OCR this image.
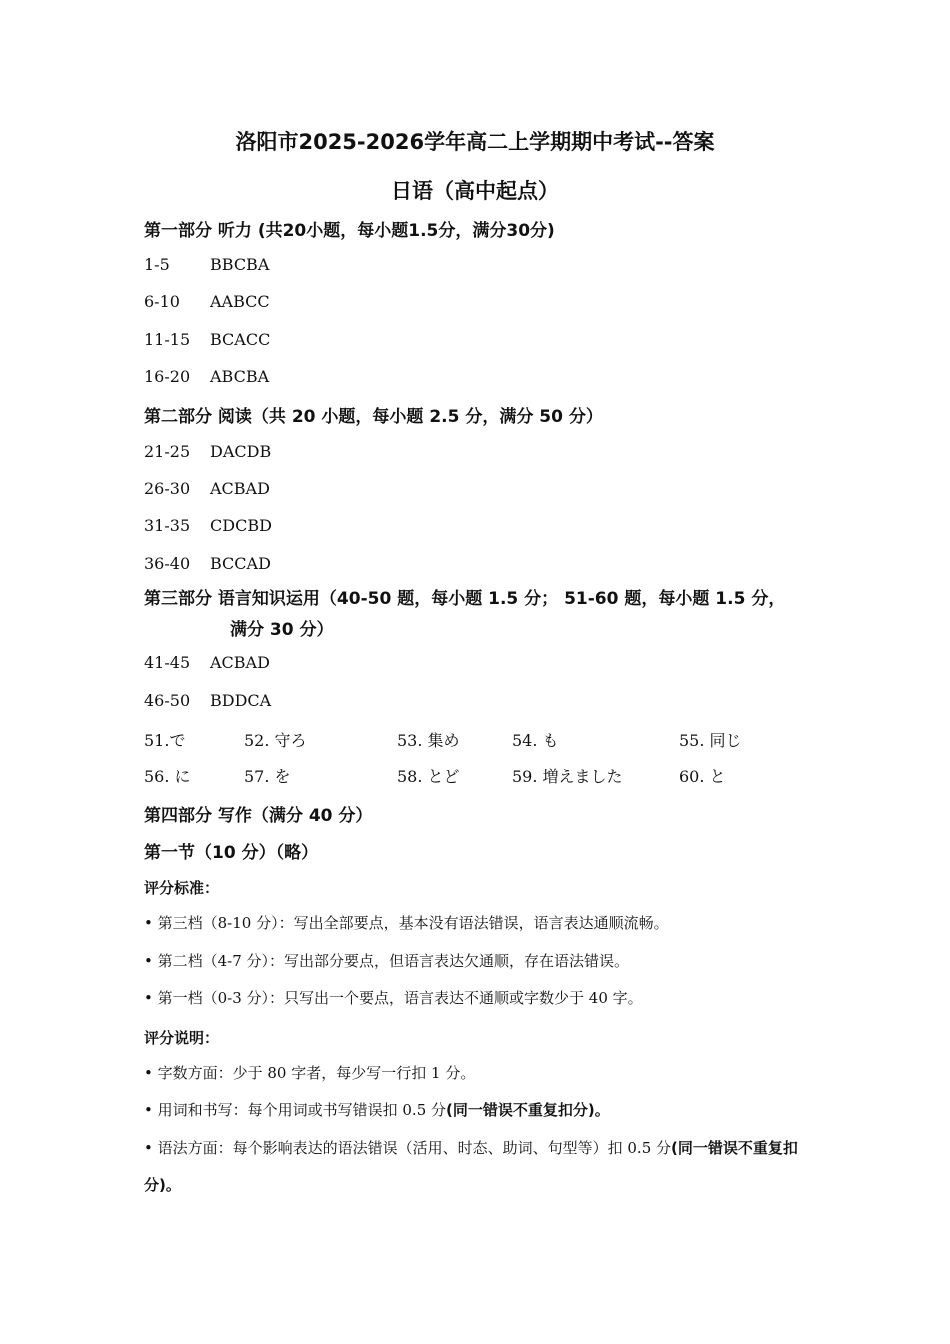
洛阳市2025-2026学年高二上学期期中考试--答案
日语（高中起点）
第一部分 听力 (共20小题，每小题1.5分，满分30分)
1-5	BBCBA
6-10 AABCC
11-15 BCACC
16-20 ABCBA
第二部分 阅读（共 20 小题，每小题 2.5 分，满分 50 分）
21-25 DACDB
26-30 ACBAD
31-35 CDCBD
36-40 BCCAD
第三部分 语言知识运用（40-50 题，每小题 1.5 分； 51-60 题，每小题 1.5 分，
满分 30 分）
41-45 ACBAD
46-50 BDDCA
51.で	52. 守ろ	53. 集め	54. も	55. 同じ
56. に	57. を	58. とど	59. 増えました	60. と
第四部分 写作（满分 40 分）
第一节（10 分）（略）
评分标准：
• 第三档（8-10 分）：写出全部要点，基本没有语法错误，语言表达通顺流畅。
• 第二档（4-7 分）：写出部分要点，但语言表达欠通顺，存在语法错误。
• 第一档（0-3 分）：只写出一个要点，语言表达不通顺或字数少于 40 字。
评分说明：
• 字数方面：少于 80 字者，每少写一行扣 1 分。
• 用词和书写：每个用词或书写错误扣 0.5 分(同一错误不重复扣分)。
• 语法方面：每个影响表达的语法错误（活用、时态、助词、句型等）扣 0.5 分(同一错误不重复扣分)。
